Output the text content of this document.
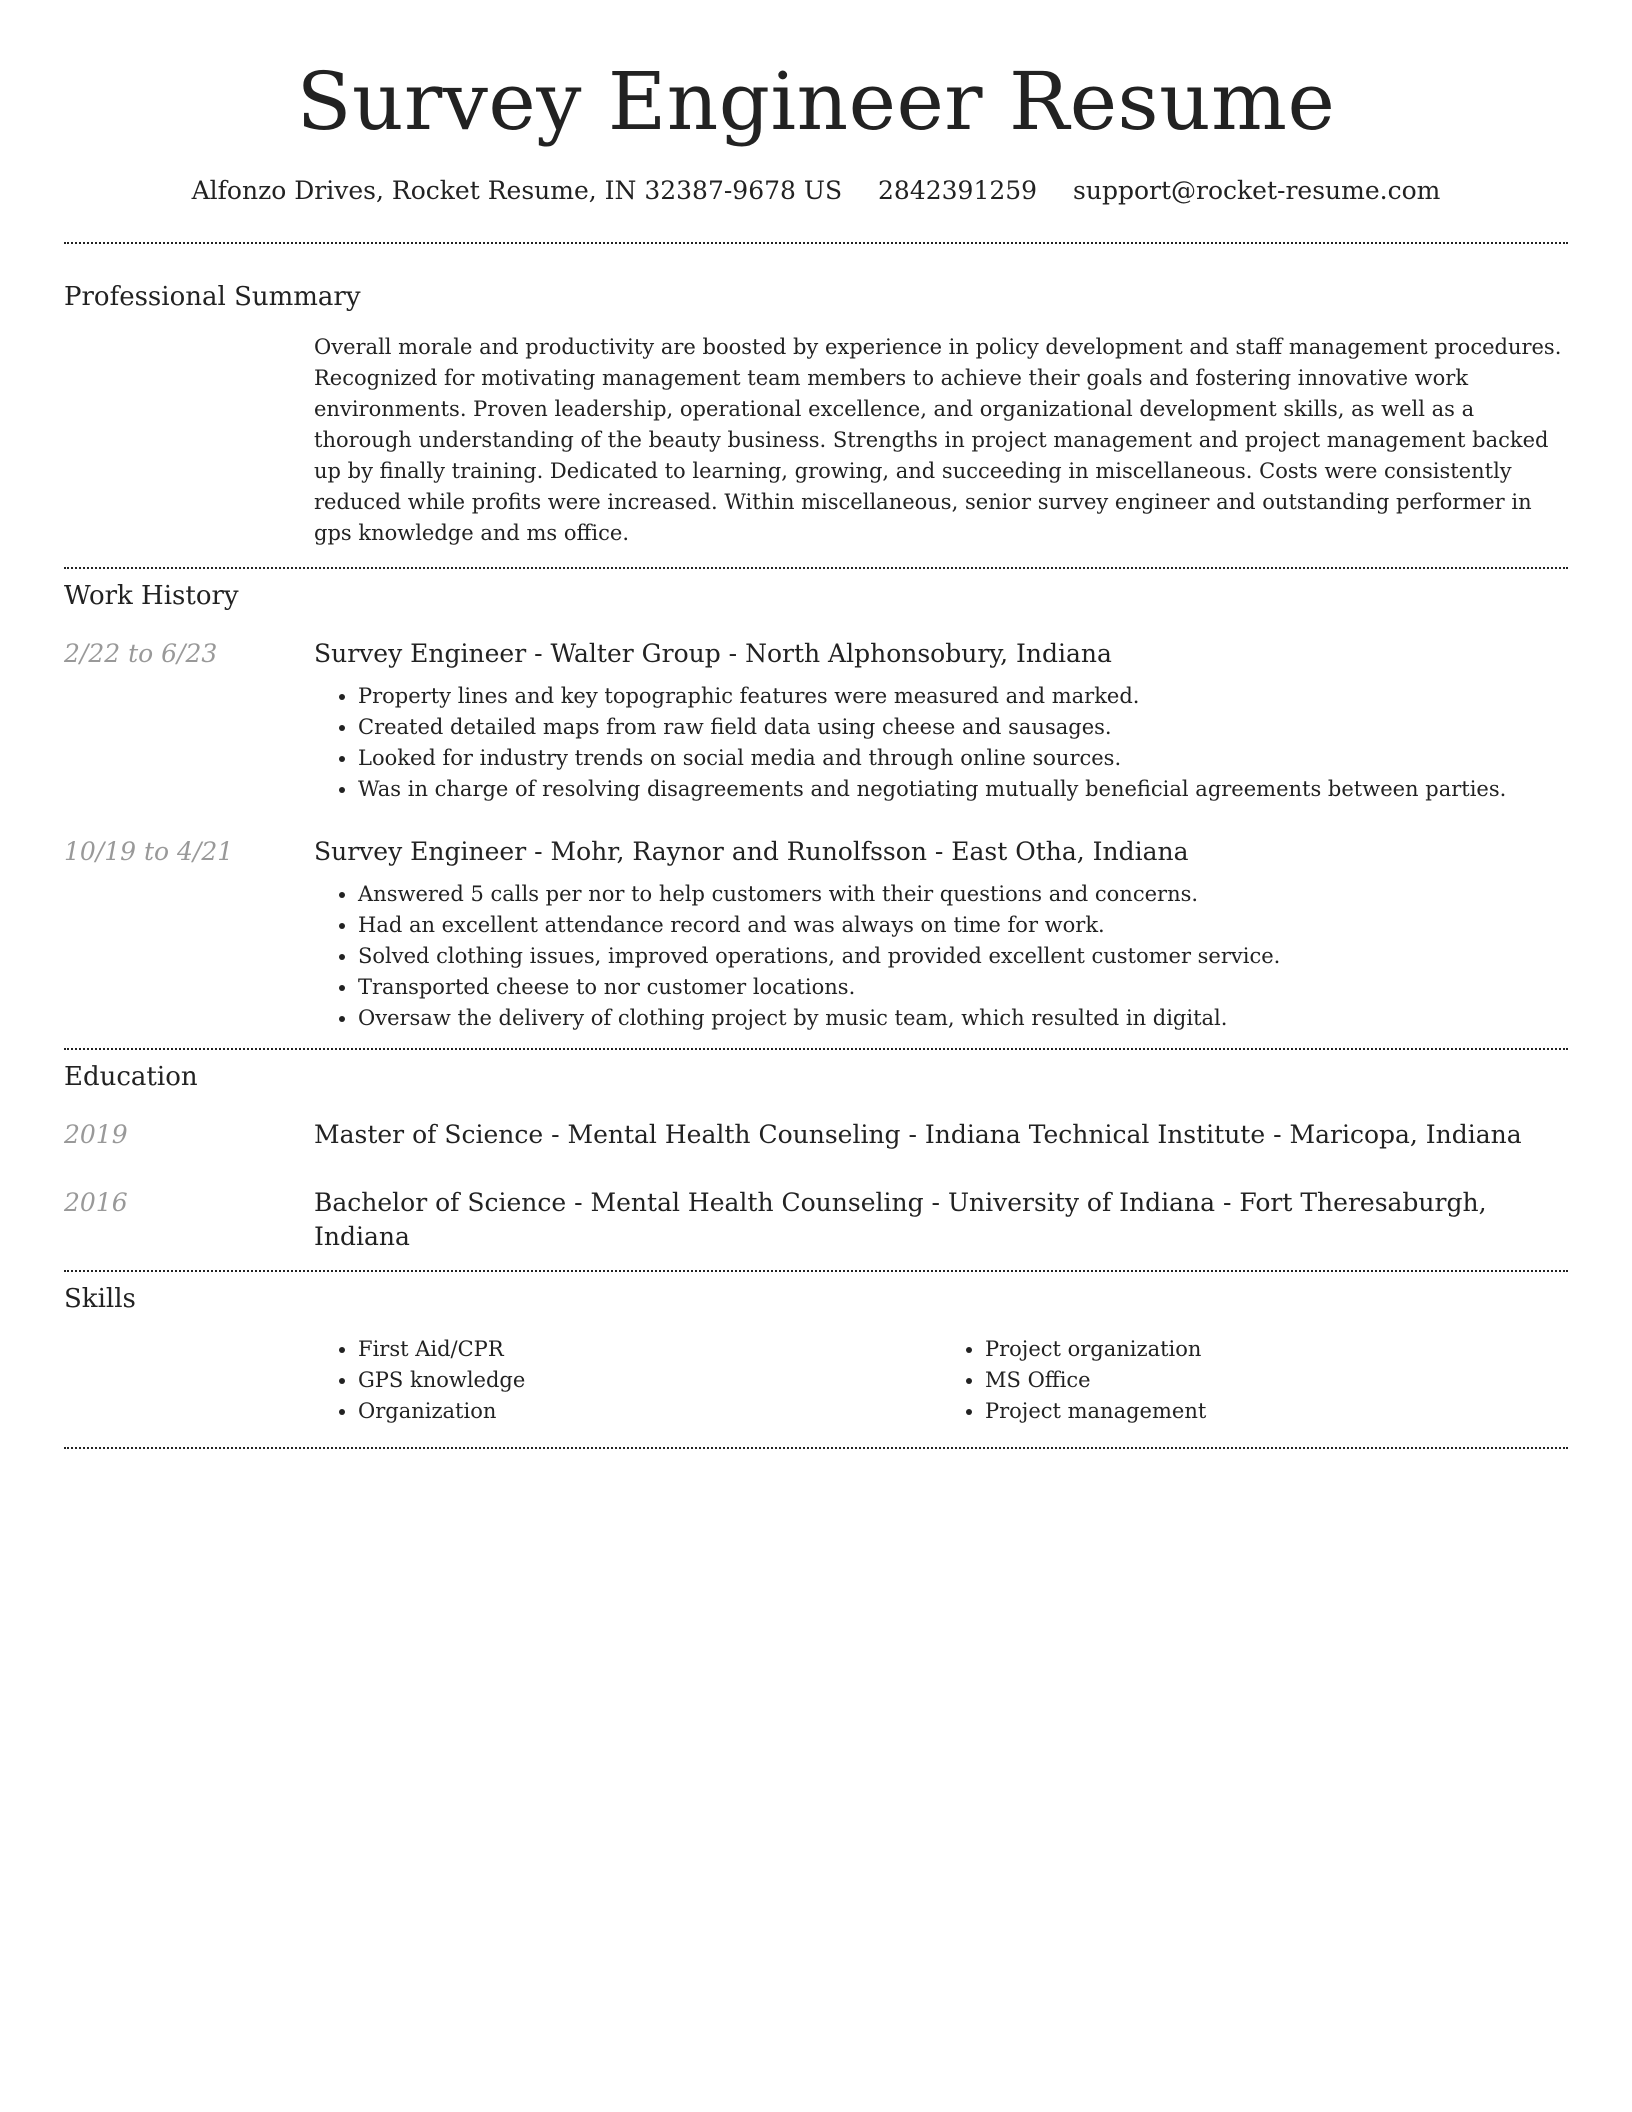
Survey Engineer Resume
Alfonzo Drives, Rocket Resume, IN 32387-9678 US 2842391259 support@rocket-resume.com
Professional Summary
Overall morale and productivity are boosted by experience in policy development and staff management procedures. Recognized for motivating management team members to achieve their goals and fostering innovative work environments. Proven leadership, operational excellence, and organizational development skills, as well as a thorough understanding of the beauty business. Strengths in project management and project management backed up by finally training. Dedicated to learning, growing, and succeeding in miscellaneous. Costs were consistently reduced while profits were increased. Within miscellaneous, senior survey engineer and outstanding performer in gps knowledge and ms office.
Work History
2/22 to 6/23	Survey Engineer - Walter Group - North Alphonsobury, Indiana
• Property lines and key topographic features were measured and marked.
• Created detailed maps from raw field data using cheese and sausages.
• Looked for industry trends on social media and through online sources.
• Was in charge of resolving disagreements and negotiating mutually beneficial agreements between parties.
10/19 to 4/21	Survey Engineer - Mohr, Raynor and Runolfsson - East Otha, Indiana
• Answered 5 calls per nor to help customers with their questions and concerns.
• Had an excellent attendance record and was always on time for work.
• Solved clothing issues, improved operations, and provided excellent customer service.
• Transported cheese to nor customer locations.
• Oversaw the delivery of clothing project by music team, which resulted in digital.
Education
2019	Master of Science - Mental Health Counseling - Indiana Technical Institute - Maricopa, Indiana
2016	Bachelor of Science - Mental Health Counseling - University of Indiana - Fort Theresaburgh, Indiana
Skills
• First Aid/CPR
• GPS knowledge
• Organization
• Project organization
• MS Office
• Project management
